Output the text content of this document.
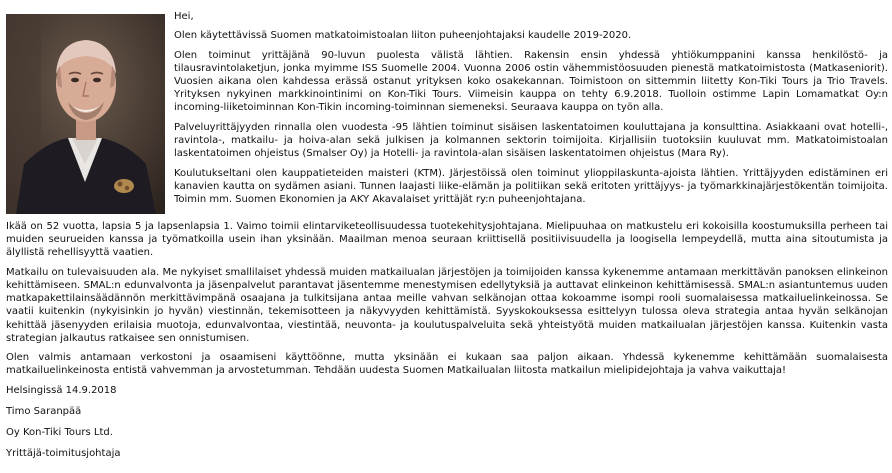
Hei,

Olen käytettävissä Suomen matkatoimistoalan liiton puheenjohtajaksi kaudelle 2019-2020.

Olen toiminut yrittäjänä 90-luvun puolesta välistä lähtien. Rakensin ensin yhdessä yhtiökumppanini kanssa henkilöstö- ja tilausravintolaketjun, jonka myimme ISS Suomelle 2004. Vuonna 2006 ostin vähemmistöosuuden pienestä matkatoimistosta (Matkaseniorit). Vuosien aikana olen kahdessa erässä ostanut yrityksen koko osakekannan. Toimistoon on sittemmin liitetty Kon-Tiki Tours ja Trio Travels. Yrityksen nykyinen markkinointinimi on Kon-Tiki Tours. Viimeisin kauppa on tehty 6.9.2018. Tuolloin ostimme Lapin Lomamatkat Oy:n incoming-liiketoiminnan Kon-Tikin incoming-toiminnan siemeneksi. Seuraava kauppa on työn alla.

Palveluyrittäjyyden rinnalla olen vuodesta -95 lähtien toiminut sisäisen laskentatoimen kouluttajana ja konsulttina. Asiakkaani ovat hotelli-, ravintola-, matkailu- ja hoiva-alan sekä julkisen ja kolmannen sektorin toimijoita. Kirjallisiin tuotoksiin kuuluvat mm. Matkatoimistoalan laskentatoimen ohjeistus (Smalser Oy) ja Hotelli- ja ravintola-alan sisäisen laskentatoimen ohjeistus (Mara Ry).

Koulutukseltani olen kauppatieteiden maisteri (KTM). Järjestöissä olen toiminut ylioppilaskunta-ajoista lähtien. Yrittäjyyden edistäminen eri kanavien kautta on sydämen asiani. Tunnen laajasti liike-elämän ja politiikan sekä eritoten yrittäjyys- ja työmarkkinajärjestökentän toimijoita. Toimin mm. Suomen Ekonomien ja AKY Akavalaiset yrittäjät ry:n puheenjohtajana.

Ikää on 52 vuotta, lapsia 5 ja lapsenlapsia 1. Vaimo toimii elintarviketeollisuudessa tuotekehitysjohtajana. Mielipuuhaa on matkustelu eri kokoisilla koostumuksilla perheen tai muiden seurueiden kanssa ja työmatkoilla usein ihan yksinään. Maailman menoa seuraan kriittisellä positiivisuudella ja loogisella lempeydellä, mutta aina sitoutumista ja älyllistä rehellisyyttä vaatien.

Matkailu on tulevaisuuden ala. Me nykyiset smallilaiset yhdessä muiden matkailualan järjestöjen ja toimijoiden kanssa kykenemme antamaan merkittävän panoksen elinkeinon kehittämiseen. SMAL:n edunvalvonta ja jäsenpalvelut parantavat jäsentemme menestymisen edellytyksiä ja auttavat elinkeinon kehittämisessä. SMAL:n asiantuntemus uuden matkapakettilainsäädännön merkittävimpänä osaajana ja tulkitsijana antaa meille vahvan selkänojan ottaa kokoamme isompi rooli suomalaisessa matkailuelinkeinossa. Se vaatii kuitenkin (nykyisinkin jo hyvän) viestinnän, tekemisotteen ja näkyvyyden kehittämistä. Syyskokouksessa esittelyyn tulossa oleva strategia antaa hyvän selkänojan kehittää jäsenyyden erilaisia muotoja, edunvalvontaa, viestintää, neuvonta- ja koulutuspalveluita sekä yhteistyötä muiden matkailualan järjestöjen kanssa. Kuitenkin vasta strategian jalkautus ratkaisee sen onnistumisen.

Olen valmis antamaan verkostoni ja osaamiseni käyttöönne, mutta yksinään ei kukaan saa paljon aikaan. Yhdessä kykenemme kehittämään suomalaisesta matkailuelinkeinosta entistä vahvemman ja arvostetumman. Tehdään uudesta Suomen Matkailualan liitosta matkailun mielipidejohtaja ja vahva vaikuttaja!

Helsingissä 14.9.2018

Timo Saranpää

Oy Kon-Tiki Tours Ltd.

Yrittäjä-toimitusjohtaja
